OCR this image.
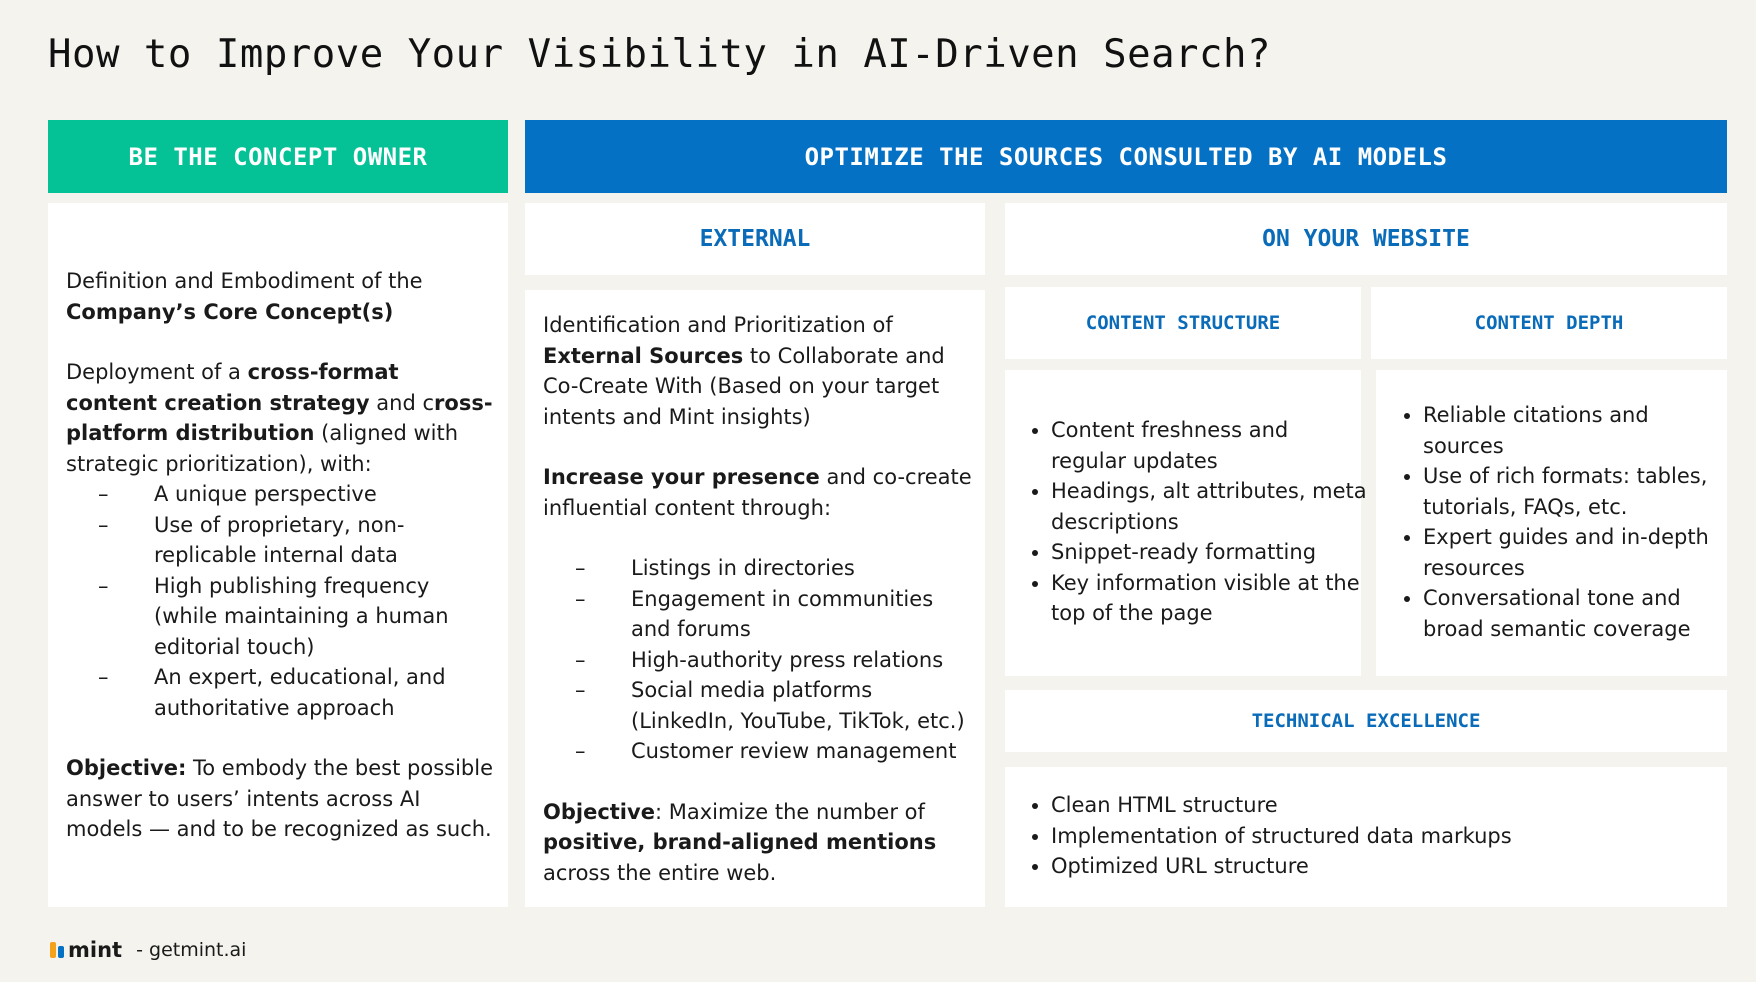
How to Improve Your Visibility in AI-Driven Search?
BE THE CONCEPT OWNER	OPTIMIZE THE SOURCES CONSULTED BY AI MODELS

Definition and Embodiment of the Company’s Core Concept(s)

Deployment of a cross-format content creation strategy and cross-platform distribution (aligned with strategic prioritization), with:

–	A unique perspective
–	Use of proprietary, non-replicable internal data
–	High publishing frequency (while maintaining a human editorial touch)
–	An expert, educational, and authoritative approach

Objective: To embody the best possible answer to users’ intents across AI models — and to be recognized as such.

EXTERNAL

Identification and Prioritization of External Sources to Collaborate and Co-Create With (Based on your target intents and Mint insights)

Increase your presence and co-create influential content through:

–	Listings in directories
–	Engagement in communities and forums
–	High-authority press relations
–	Social media platforms (LinkedIn, YouTube, TikTok, etc.)
–	Customer review management

Objective: Maximize the number of positive, brand-aligned mentions across the entire web.

ON YOUR WEBSITE
CONTENT STRUCTURE	CONTENT DEPTH
• Content freshness and regular updates
• Headings, alt attributes, meta descriptions
• Snippet-ready formatting
• Key information visible at the top of the page
• Reliable citations and sources
• Use of rich formats: tables, tutorials, FAQs, etc.
• Expert guides and in-depth resources
• Conversational tone and broad semantic coverage
TECHNICAL EXCELLENCE
• Clean HTML structure
• Implementation of structured data markups
• Optimized URL structure
mint - getmint.ai
